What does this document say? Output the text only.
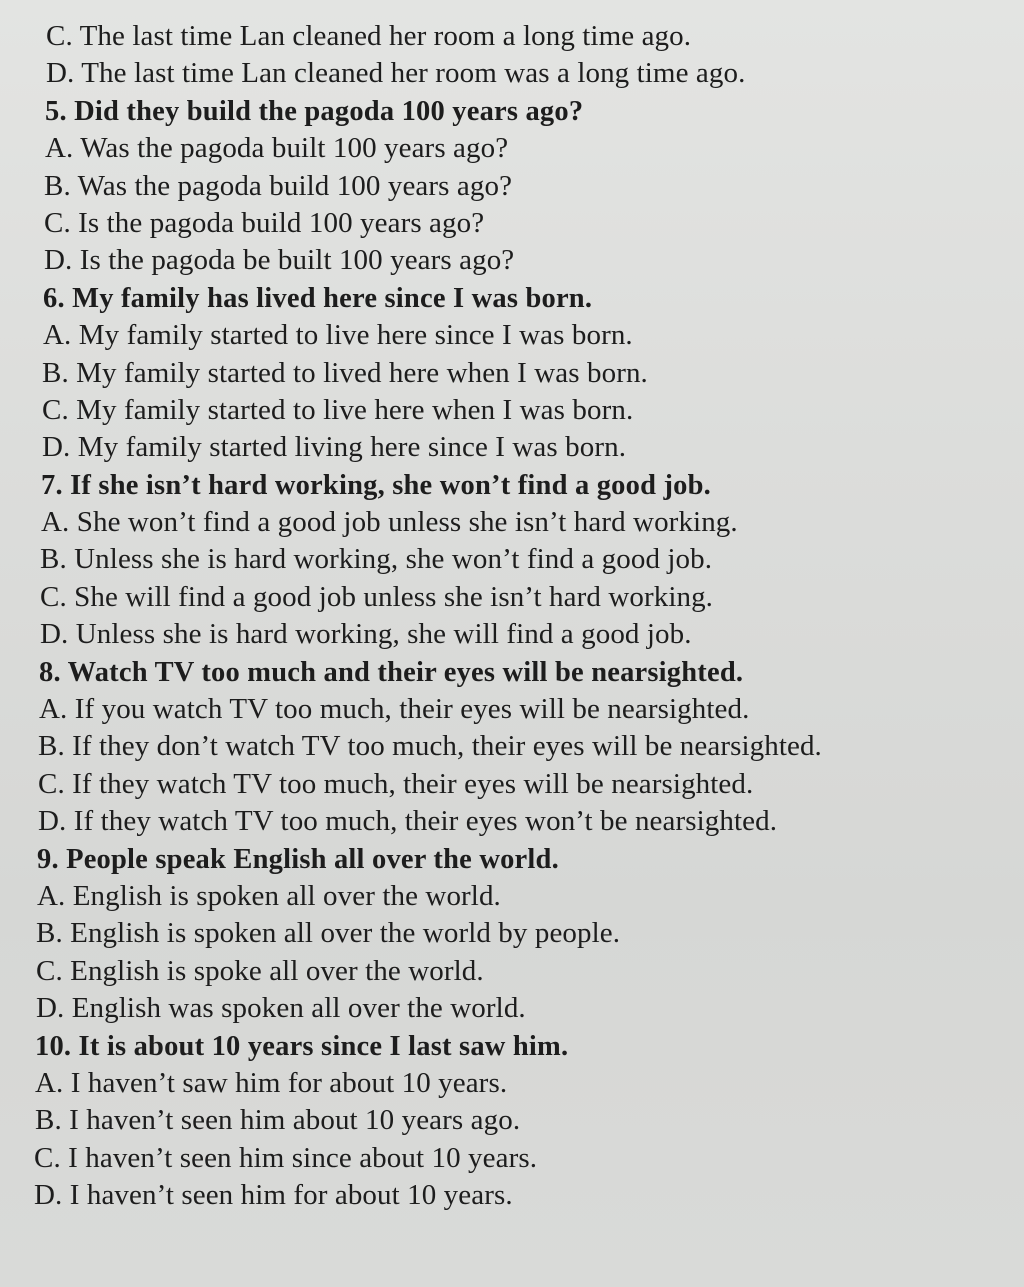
C. The last time Lan cleaned her room a long time ago.
D. The last time Lan cleaned her room was a long time ago.
5. Did they build the pagoda 100 years ago?
A. Was the pagoda built 100 years ago?
B. Was the pagoda build 100 years ago?
C. Is the pagoda build 100 years ago?
D. Is the pagoda be built 100 years ago?
6. My family has lived here since I was born.
A. My family started to live here since I was born.
B. My family started to lived here when I was born.
C. My family started to live here when I was born.
D. My family started living here since I was born.
7. If she isn’t hard working, she won’t find a good job.
A. She won’t find a good job unless she isn’t hard working.
B. Unless she is hard working, she won’t find a good job.
C. She will find a good job unless she isn’t hard working.
D. Unless she is hard working, she will find a good job.
8. Watch TV too much and their eyes will be nearsighted.
A. If you watch TV too much, their eyes will be nearsighted.
B. If they don’t watch TV too much, their eyes will be nearsighted.
C. If they watch TV too much, their eyes will be nearsighted.
D. If they watch TV too much, their eyes won’t be nearsighted.
9. People speak English all over the world.
A. English is spoken all over the world.
B. English is spoken all over the world by people.
C. English is spoke all over the world.
D. English was spoken all over the world.
10. It is about 10 years since I last saw him.
A. I haven’t saw him for about 10 years.
B. I haven’t seen him about 10 years ago.
C. I haven’t seen him since about 10 years.
D. I haven’t seen him for about 10 years.
